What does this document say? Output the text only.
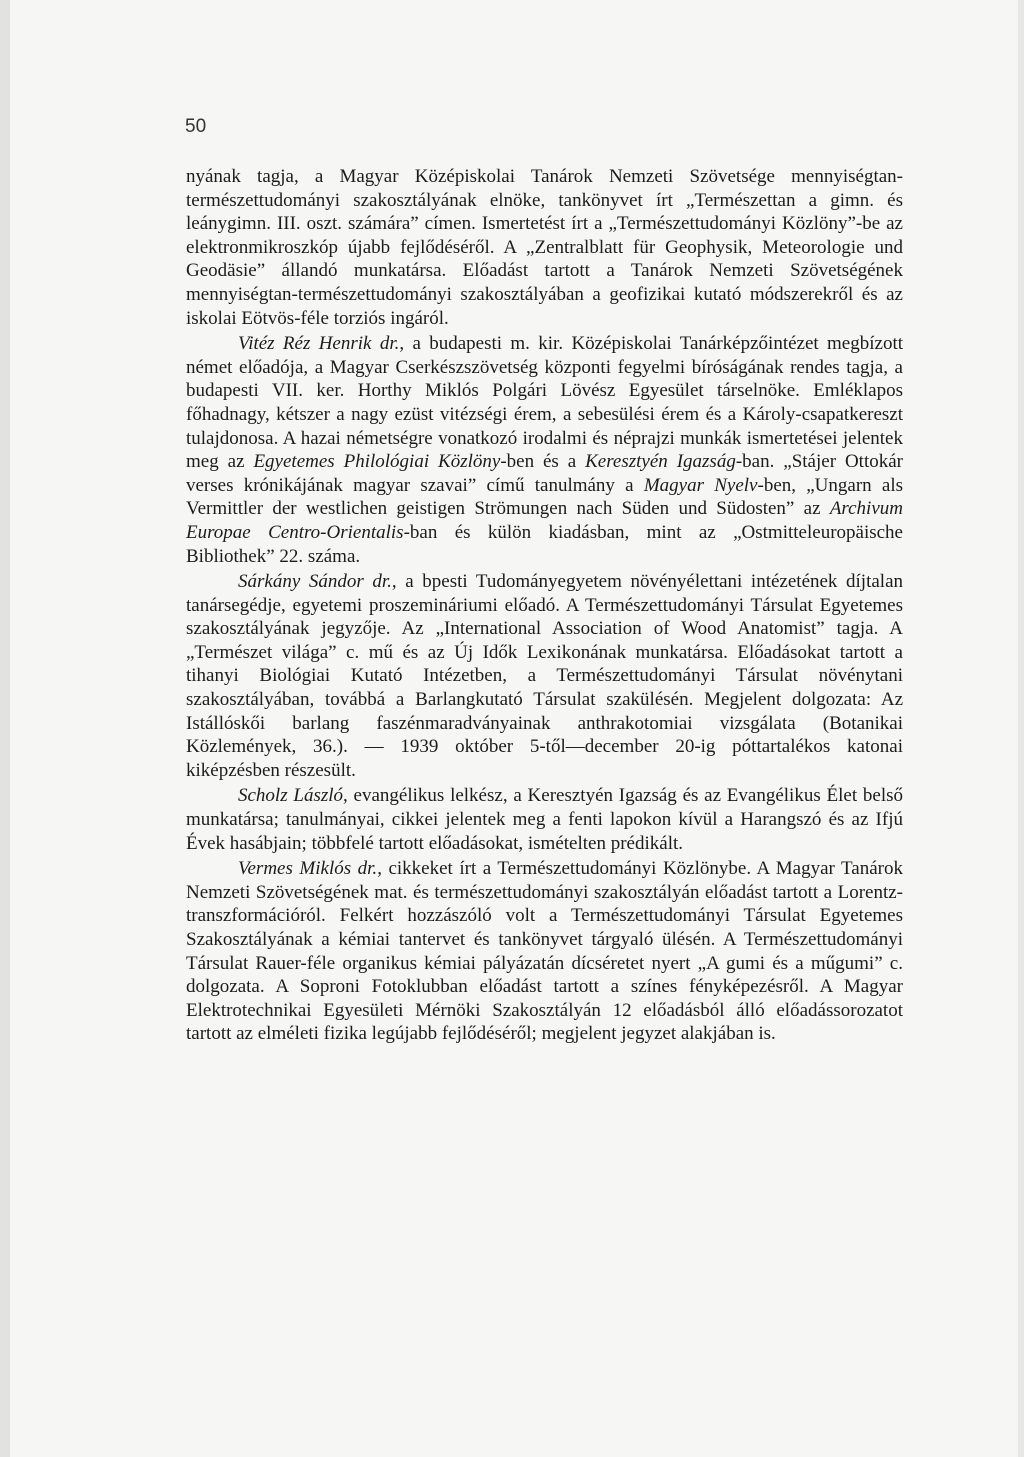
50

nyának tagja, a Magyar Középiskolai Tanárok Nemzeti Szövetsége mennyiségtan-természettudományi szakosztályának elnöke, tankönyvet írt „Természettan a gimn. és leánygimn. III. oszt. számára” címen. Ismertetést írt a „Természettudományi Közlöny”-be az elektronmikroszkóp újabb fejlődéséről. A „Zentralblatt für Geophysik, Meteorologie und Geodäsie” állandó munkatársa. Előadást tartott a Tanárok Nemzeti Szövetségének mennyiségtan-természettudományi szakosztályában a geofizikai kutató módszerekről és az iskolai Eötvös-féle torziós ingáról.

Vitéz Réz Henrik dr., a budapesti m. kir. Középiskolai Tanárképzőintézet megbízott német előadója, a Magyar Cserkészszövetség központi fegyelmi bíróságának rendes tagja, a budapesti VII. ker. Horthy Miklós Polgári Lövész Egyesület társelnöke. Emléklapos főhadnagy, kétszer a nagy ezüst vitézségi érem, a sebesülési érem és a Károly-csapatkereszt tulajdonosa. A hazai németségre vonatkozó irodalmi és néprajzi munkák ismertetései jelentek meg az Egyetemes Philológiai Közlöny-ben és a Keresztyén Igazság-ban. „Stájer Ottokár verses krónikájának magyar szavai” című tanulmány a Magyar Nyelv-ben, „Ungarn als Vermittler der westlichen geistigen Strömungen nach Süden und Südosten” az Archivum Europae Centro-Orientalis-ban és külön kiadásban, mint az „Ostmitteleuropäische Bibliothek” 22. száma.

Sárkány Sándor dr., a bpesti Tudományegyetem növényélettani intézetének díjtalan tanársegédje, egyetemi proszemináriumi előadó. A Természettudományi Társulat Egyetemes szakosztályának jegyzője. Az „International Association of Wood Anatomist” tagja. A „Természet világa” c. mű és az Új Idők Lexikonának munkatársa. Előadásokat tartott a tihanyi Biológiai Kutató Intézetben, a Természettudományi Társulat növénytani szakosztályában, továbbá a Barlangkutató Társulat szakülésén. Megjelent dolgozata: Az Istállóskői barlang faszénmaradványainak anthrakotomiai vizsgálata (Botanikai Közlemények, 36.). — 1939 október 5-től—december 20-ig póttartalékos katonai kiképzésben részesült.

Scholz László, evangélikus lelkész, a Keresztyén Igazság és az Evangélikus Élet belső munkatársa; tanulmányai, cikkei jelentek meg a fenti lapokon kívül a Harangszó és az Ifjú Évek hasábjain; többfelé tartott előadásokat, ismételten prédikált.

Vermes Miklós dr., cikkeket írt a Természettudományi Közlönybe. A Magyar Tanárok Nemzeti Szövetségének mat. és természettudományi szakosztályán előadást tartott a Lorentz-transzformációról. Felkért hozzászóló volt a Természettudományi Társulat Egyetemes Szakosztályának a kémiai tantervet és tankönyvet tárgyaló ülésén. A Természettudományi Társulat Rauer-féle organikus kémiai pályázatán dícséretet nyert „A gumi és a műgumi” c. dolgozata. A Soproni Fotoklubban előadást tartott a színes fényképezésről. A Magyar Elektrotechnikai Egyesületi Mérnöki Szakosztályán 12 előadásból álló előadássorozatot tartott az elméleti fizika legújabb fejlődéséről; megjelent jegyzet alakjában is.
